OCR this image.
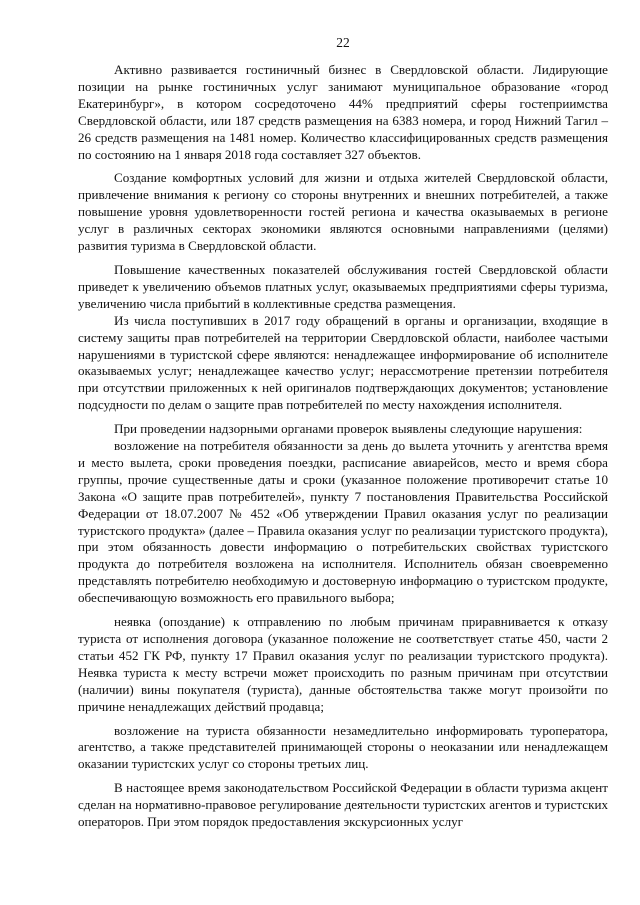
22

Активно развивается гостиничный бизнес в Свердловской области. Лидирующие позиции на рынке гостиничных услуг занимают муниципальное образование «город Екатеринбург», в котором сосредоточено 44% предприятий сферы гостеприимства Свердловской области, или 187 средств размещения на 6383 номера, и город Нижний Тагил – 26 средств размещения на 1481 номер. Количество классифицированных средств размещения по состоянию на 1 января 2018 года составляет 327 объектов.

Создание комфортных условий для жизни и отдыха жителей Свердловской области, привлечение внимания к региону со стороны внутренних и внешних потребителей, а также повышение уровня удовлетворенности гостей региона и качества оказываемых в регионе услуг в различных секторах экономики являются основными направлениями (целями) развития туризма в Свердловской области.

Повышение качественных показателей обслуживания гостей Свердловской области приведет к увеличению объемов платных услуг, оказываемых предприятиями сферы туризма, увеличению числа прибытий в коллективные средства размещения.

Из числа поступивших в 2017 году обращений в органы и организации, входящие в систему защиты прав потребителей на территории Свердловской области, наиболее частыми нарушениями в туристской сфере являются: ненадлежащее информирование об исполнителе оказываемых услуг; ненадлежащее качество услуг; нерассмотрение претензии потребителя при отсутствии приложенных к ней оригиналов подтверждающих документов; установление подсудности по делам о защите прав потребителей по месту нахождения исполнителя.

При проведении надзорными органами проверок выявлены следующие нарушения:

возложение на потребителя обязанности за день до вылета уточнить у агентства время и место вылета, сроки проведения поездки, расписание авиарейсов, место и время сбора группы, прочие существенные даты и сроки (указанное положение противоречит статье 10 Закона «О защите прав потребителей», пункту 7 постановления Правительства Российской Федерации от 18.07.2007 № 452 «Об утверждении Правил оказания услуг по реализации туристского продукта» (далее – Правила оказания услуг по реализации туристского продукта), при этом обязанность довести информацию о потребительских свойствах туристского продукта до потребителя возложена на исполнителя. Исполнитель обязан своевременно представлять потребителю необходимую и достоверную информацию о туристском продукте, обеспечивающую возможность его правильного выбора;

неявка (опоздание) к отправлению по любым причинам приравнивается к отказу туриста от исполнения договора (указанное положение не соответствует статье 450, части 2 статьи 452 ГК РФ, пункту 17 Правил оказания услуг по реализации туристского продукта). Неявка туриста к месту встречи может происходить по разным причинам при отсутствии (наличии) вины покупателя (туриста), данные обстоятельства также могут произойти по причине ненадлежащих действий продавца;

возложение на туриста обязанности незамедлительно информировать туроператора, агентство, а также представителей принимающей стороны о неоказании или ненадлежащем оказании туристских услуг со стороны третьих лиц.

В настоящее время законодательством Российской Федерации в области туризма акцент сделан на нормативно-правовое регулирование деятельности туристских агентов и туристских операторов. При этом порядок предоставления экскурсионных услуг
